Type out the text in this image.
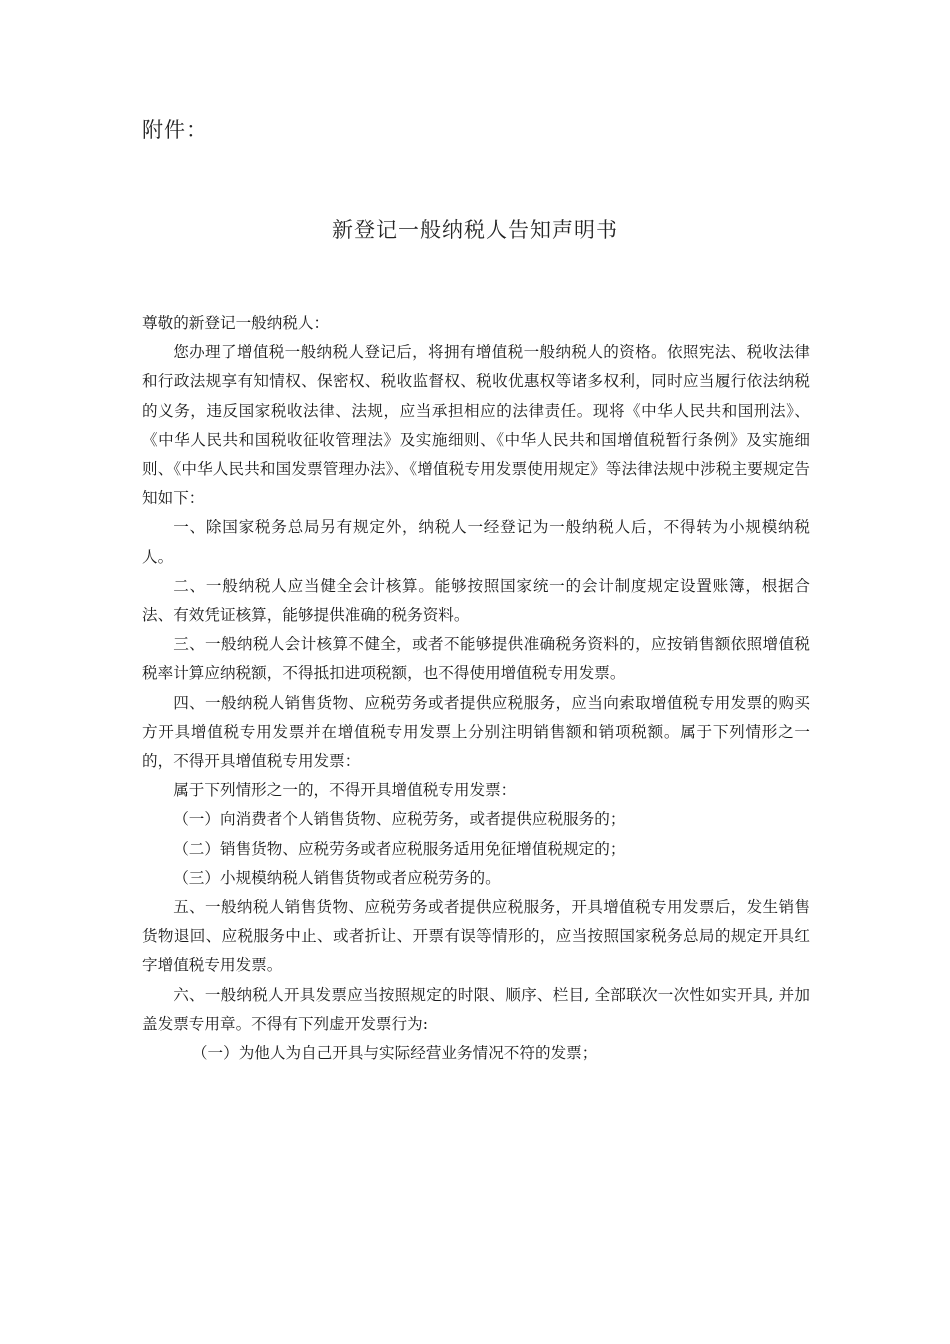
附件：
新登记一般纳税人告知声明书

尊敬的新登记一般纳税人：

您办理了增值税一般纳税人登记后，将拥有增值税一般纳税人的资格。依照宪法、税收法律和行政法规享有知情权、保密权、税收监督权、税收优惠权等诸多权利，同时应当履行依法纳税的义务，违反国家税收法律、法规，应当承担相应的法律责任。现将《中华人民共和国刑法》、《中华人民共和国税收征收管理法》及实施细则、《中华人民共和国增值税暂行条例》及实施细则、《中华人民共和国发票管理办法》、《增值税专用发票使用规定》等法律法规中涉税主要规定告知如下：

一、除国家税务总局另有规定外，纳税人一经登记为一般纳税人后，不得转为小规模纳税人。

二、一般纳税人应当健全会计核算。能够按照国家统一的会计制度规定设置账簿，根据合法、有效凭证核算，能够提供准确的税务资料。

三、一般纳税人会计核算不健全，或者不能够提供准确税务资料的，应按销售额依照增值税税率计算应纳税额，不得抵扣进项税额，也不得使用增值税专用发票。

四、一般纳税人销售货物、应税劳务或者提供应税服务，应当向索取增值税专用发票的购买方开具增值税专用发票并在增值税专用发票上分别注明销售额和销项税额。属于下列情形之一的，不得开具增值税专用发票：

属于下列情形之一的，不得开具增值税专用发票：

（一）向消费者个人销售货物、应税劳务，或者提供应税服务的；

（二）销售货物、应税劳务或者应税服务适用免征增值税规定的；

（三）小规模纳税人销售货物或者应税劳务的。

五、一般纳税人销售货物、应税劳务或者提供应税服务，开具增值税专用发票后，发生销售货物退回、应税服务中止、或者折让、开票有误等情形的，应当按照国家税务总局的规定开具红字增值税专用发票。

六、一般纳税人开具发票应当按照规定的时限、顺序、栏目, 全部联次一次性如实开具, 并加盖发票专用章。不得有下列虚开发票行为:

（一）为他人为自己开具与实际经营业务情况不符的发票；
